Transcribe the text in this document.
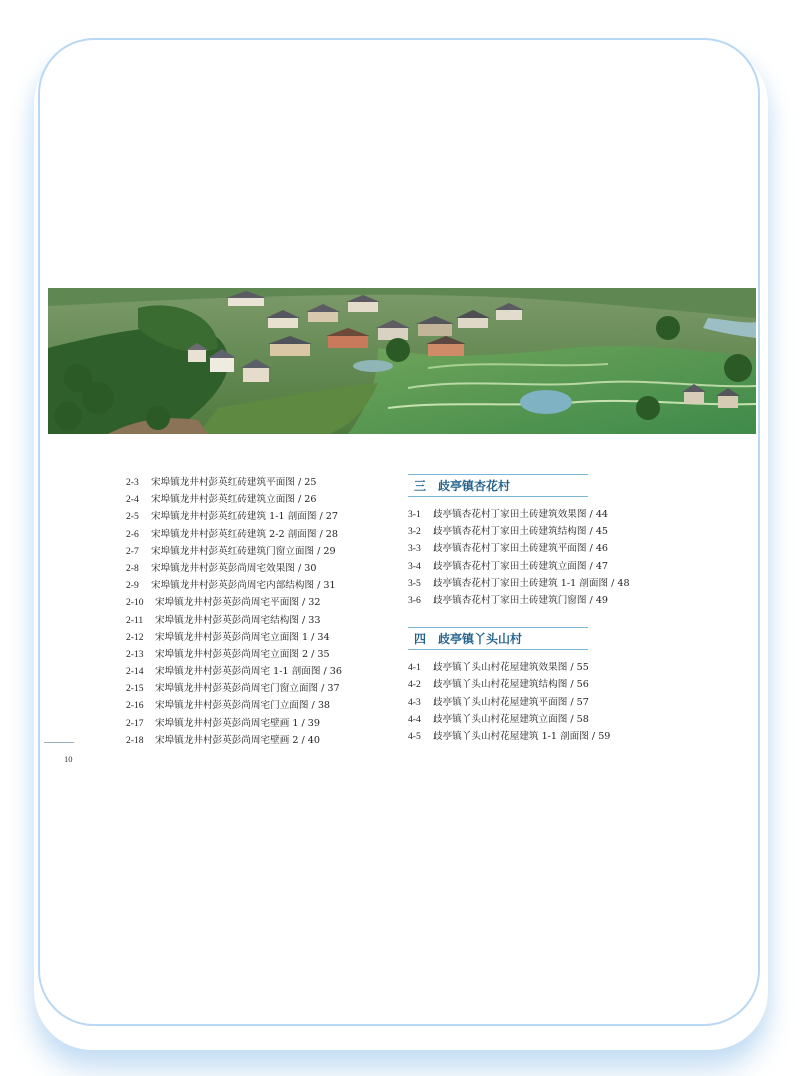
2-3	宋埠镇龙井村彭英红砖建筑平面图 / 25
2-4	宋埠镇龙井村彭英红砖建筑立面图 / 26
2-5	宋埠镇龙井村彭英红砖建筑 1-1 剖面图 / 27
2-6	宋埠镇龙井村彭英红砖建筑 2-2 剖面图 / 28
2-7	宋埠镇龙井村彭英红砖建筑门窗立面图 / 29
2-8	宋埠镇龙井村彭英彭尚周宅效果图 / 30
2-9	宋埠镇龙井村彭英彭尚周宅内部结构图 / 31
2-10	宋埠镇龙井村彭英彭尚周宅平面图 / 32
2-11	宋埠镇龙井村彭英彭尚周宅结构图 / 33
2-12	宋埠镇龙井村彭英彭尚周宅立面图 1 / 34
2-13	宋埠镇龙井村彭英彭尚周宅立面图 2 / 35
2-14	宋埠镇龙井村彭英彭尚周宅 1-1 剖面图 / 36
2-15	宋埠镇龙井村彭英彭尚周宅门窗立面图 / 37
2-16	宋埠镇龙井村彭英彭尚周宅门立面图 / 38
2-17	宋埠镇龙井村彭英彭尚周宅壁画 1 / 39
2-18	宋埠镇龙井村彭英彭尚周宅壁画 2 / 40
三 歧亭镇杏花村
3-1	歧亭镇杏花村丁家田土砖建筑效果图 / 44
3-2	歧亭镇杏花村丁家田土砖建筑结构图 / 45
3-3	歧亭镇杏花村丁家田土砖建筑平面图 / 46
3-4	歧亭镇杏花村丁家田土砖建筑立面图 / 47
3-5	歧亭镇杏花村丁家田土砖建筑 1-1 剖面图 / 48
3-6	歧亭镇杏花村丁家田土砖建筑门窗图 / 49
四 歧亭镇丫头山村
4-1	歧亭镇丫头山村花屋建筑效果图 / 55
4-2	歧亭镇丫头山村花屋建筑结构图 / 56
4-3	歧亭镇丫头山村花屋建筑平面图 / 57
4-4	歧亭镇丫头山村花屋建筑立面图 / 58
4-5	歧亭镇丫头山村花屋建筑 1-1 剖面图 / 59
10
